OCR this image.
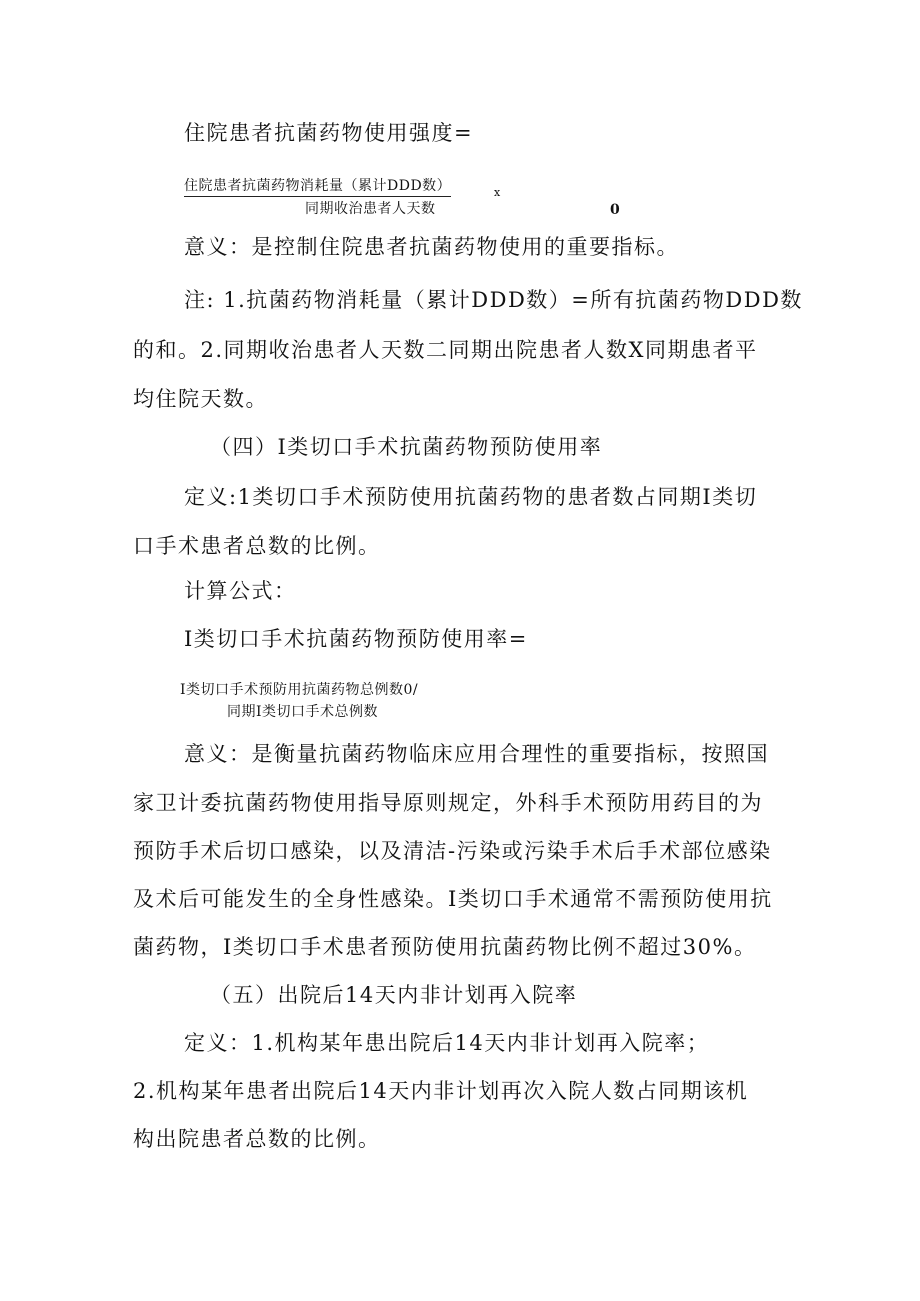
住院患者抗菌药物使用强度=
住院患者抗菌药物消耗量（累计DDD数）	x
同期收治患者人天数	0
意义：是控制住院患者抗菌药物使用的重要指标。
注: 1.抗菌药物消耗量（累计DDD数）=所有抗菌药物DDD数
的和。2.同期收治患者人天数二同期出院患者人数X同期患者平
均住院天数。
（四）I类切口手术抗菌药物预防使用率
定义:1类切口手术预防使用抗菌药物的患者数占同期I类切
口手术患者总数的比例。
计算公式：
I类切口手术抗菌药物预防使用率=
I类切口手术预防用抗菌药物总例数0/
同期I类切口手术总例数
意义：是衡量抗菌药物临床应用合理性的重要指标，按照国
家卫计委抗菌药物使用指导原则规定，外科手术预防用药目的为
预防手术后切口感染，以及清洁-污染或污染手术后手术部位感染
及术后可能发生的全身性感染。I类切口手术通常不需预防使用抗
菌药物，I类切口手术患者预防使用抗菌药物比例不超过30%。
（五）出院后14天内非计划再入院率
定义：1.机构某年患出院后14天内非计划再入院率；
2.机构某年患者出院后14天内非计划再次入院人数占同期该机
构出院患者总数的比例。
